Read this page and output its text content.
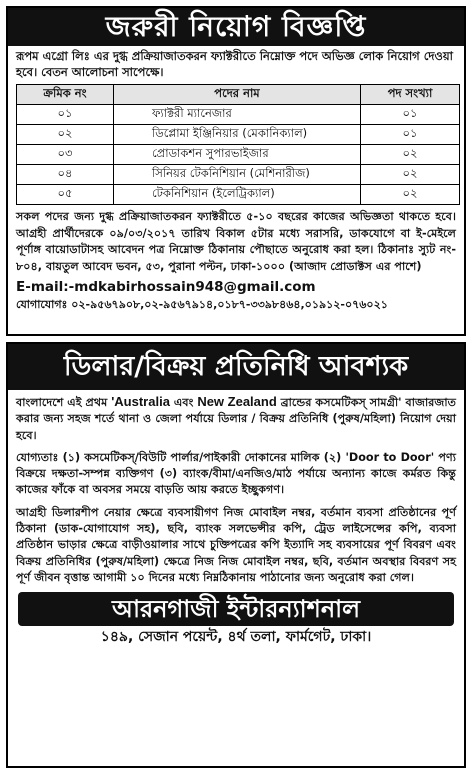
জরুরী নিয়োগ বিজ্ঞপ্তি
রূপম এগ্রো লিঃ এর দুগ্ধ প্রক্রিয়াজাতকরন ফ্যাক্টরীতে নিম্নোক্ত পদে অভিজ্ঞ লোক নিয়োগ দেওয়া হবে। বেতন আলোচনা সাপেক্ষে।
ক্রমিক নং	পদের নাম	পদ সংখ্যা
০১	ফ্যাক্টরী ম্যানেজার	০১
০২	ডিপ্লোমা ইঞ্জিনিয়ার (মেকানিক্যাল)	০১
০৩	প্রোডাকশন সুপারভাইজার	০২
০৪	সিনিয়র টেকনিশিয়ান (মেশিনারীজ)	০২
০৫	টেকনিশিয়ান (ইলেট্রিক্যাল)	০২
সকল পদের জন্য দুগ্ধ প্রক্রিয়াজাতকরন ফ্যাক্টরীতে ৫-১০ বছরের কাজের অভিজ্ঞতা থাকতে হবে। আগ্রহী প্রার্থীদেরকে ০৯/০৩/২০১৭ তারিখ বিকাল ৫টার মধ্যে সরাসরি, ডাকযোগে বা ই-মেইলে পূর্ণাঙ্গ বায়োডাটাসহ আবেদন পত্র নিম্নোক্ত ঠিকানায় পৌছাতে অনুরোধ করা হল। ঠিকানাঃ স্যুট নং- ৮০৪, বায়তুল আবেদ ভবন, ৫৩, পুরানা পল্টন, ঢাকা-১০০০ (আজাদ প্রোডাক্টস এর পাশে)
E-mail:-mdkabirhossain948@gmail.com
যোগাযোগঃ ০২-৯৫৬৭৯০৮,০২-৯৫৬৭৯১৪,০১৮৭-৩৩৯৮৪৬৪,০১৯১২-০৭৬০২১
ডিলার/বিক্রয় প্রতিনিধি আবশ্যক
বাংলাদেশে এই প্রথম 'Australia এবং New Zealand ব্রান্ডের কসমেটিকস্ সামগ্রী' বাজারজাত করার জন্য সহজ শর্তে থানা ও জেলা পর্যায়ে ডিলার / বিক্রয় প্রতিনিধি (পুরুষ/মহিলা) নিয়োগ দেয়া হবে।
যোগ্যতাঃ (১) কসমেটিকস্/বিউটি পার্লার/পাইকারী দোকানের মালিক (২) 'Door to Door' পণ্য বিক্রয়ে দক্ষতা-সম্পন্ন ব্যক্তিগণ (৩) ব্যাংক/বীমা/এনজিও/মাঠ পর্যায়ে অন্যান্য কাজে কর্মরত কিন্তু কাজের ফাঁকে বা অবসর সময়ে বাড়তি আয় করতে ইচ্ছুকগণ।
আগ্রহী ডিলারশীপ নেয়ার ক্ষেত্রে ব্যবসায়ীগণ নিজ মোবাইল নম্বর, বর্তমান ব্যবসা প্রতিষ্ঠানের পূর্ণ ঠিকানা (ডাক-যোগাযোগ সহ), ছবি, ব্যাংক সলভেন্সীর কপি, ট্রেড লাইসেন্সের কপি, ব্যবসা প্রতিষ্ঠান ভাড়ার ক্ষেত্রে বাড়ীওয়ালার সাথে চুক্তিপত্রের কপি ইত্যাদি সহ ব্যবসায়ের পূর্ণ বিবরণ এবং বিক্রয় প্রতিনিধির (পুরুষ/মহিলা) ক্ষেত্রে নিজ নিজ মোবাইল নম্বর, ছবি, বর্তমান অবস্থার বিবরণ সহ পূর্ণ জীবন বৃত্তান্ত আগামী ১০ দিনের মধ্যে নিম্নঠিকানায় পাঠানোর জন্য অনুরোধ করা গেল।
আরনগাজী ইন্টারন্যাশনাল
১৪৯, সেজান পয়েন্ট, ৪র্থ তলা, ফার্মগেট, ঢাকা।
